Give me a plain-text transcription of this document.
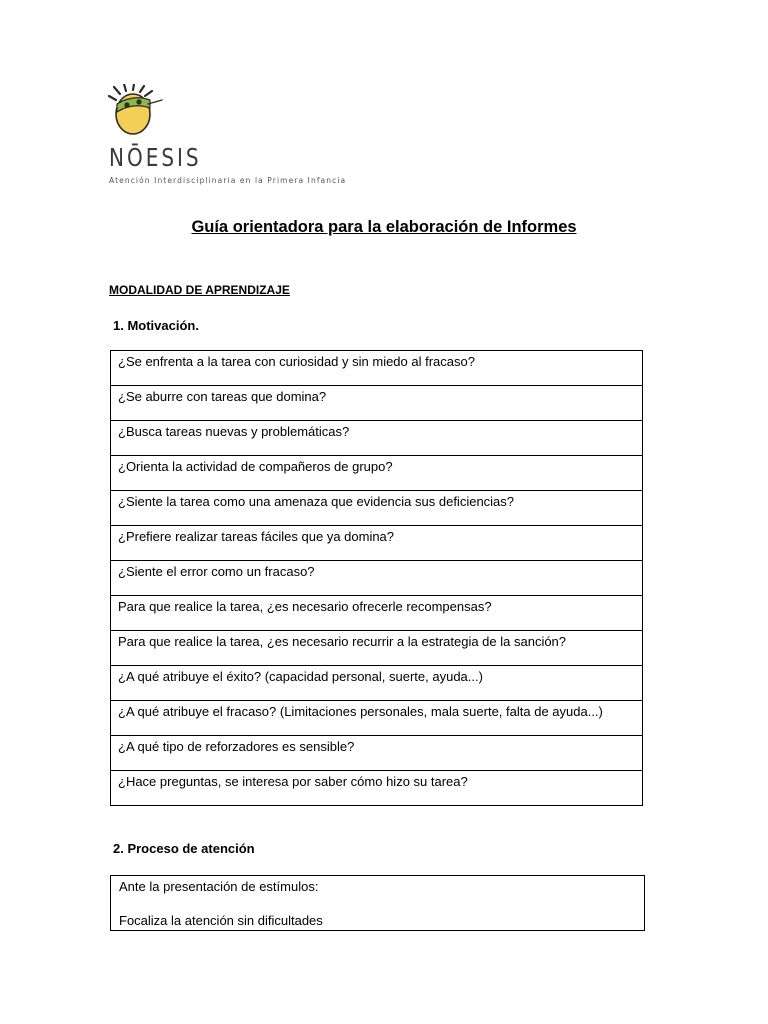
NŌESIS
Atención Interdisciplinaria en la Primera Infancia
Guía orientadora para la elaboración de Informes
MODALIDAD DE APRENDIZAJE
1. Motivación.
¿Se enfrenta a la tarea con curiosidad y sin miedo al fracaso?
¿Se aburre con tareas que domina?
¿Busca tareas nuevas y problemáticas?
¿Orienta la actividad de compañeros de grupo?
¿Siente la tarea como una amenaza que evidencia sus deficiencias?
¿Prefiere realizar tareas fáciles que ya domina?
¿Siente el error como un fracaso?
Para que realice la tarea, ¿es necesario ofrecerle recompensas?
Para que realice la tarea, ¿es necesario recurrir a la estrategia de la sanción?
¿A qué atribuye el éxito? (capacidad personal, suerte, ayuda...)
¿A qué atribuye el fracaso? (Limitaciones personales, mala suerte, falta de ayuda...)
¿A qué tipo de reforzadores es sensible?
¿Hace preguntas, se interesa por saber cómo hizo su tarea?
2. Proceso de atención
Ante la presentación de estímulos:
Focaliza la atención sin dificultades
